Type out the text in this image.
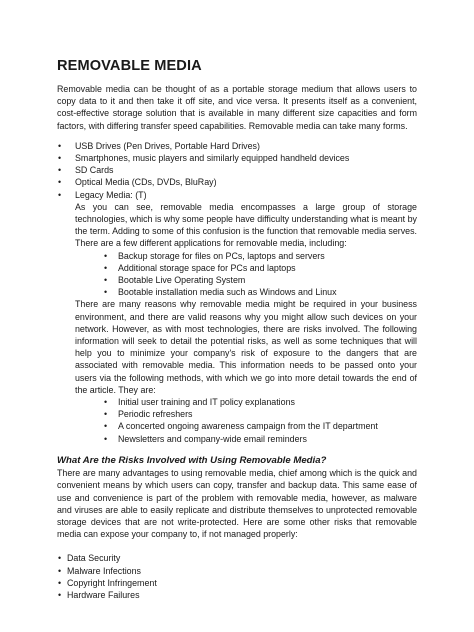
REMOVABLE MEDIA

Removable media can be thought of as a portable storage medium that allows users to copy data to it and then take it off site, and vice versa. It presents itself as a convenient, cost-effective storage solution that is available in many different size capacities and form factors, with differing transfer speed capabilities. Removable media can take many forms.

• USB Drives (Pen Drives, Portable Hard Drives)
• Smartphones, music players and similarly equipped handheld devices
• SD Cards
• Optical Media (CDs, DVDs, BluRay)
• Legacy Media: (T)

As you can see, removable media encompasses a large group of storage technologies, which is why some people have difficulty understanding what is meant by the term. Adding to some of this confusion is the function that removable media serves. There are a few different applications for removable media, including:

• Backup storage for files on PCs, laptops and servers
• Additional storage space for PCs and laptops
• Bootable Live Operating System
• Bootable installation media such as Windows and Linux

There are many reasons why removable media might be required in your business environment, and there are valid reasons why you might allow such devices on your network. However, as with most technologies, there are risks involved. The following information will seek to detail the potential risks, as well as some techniques that will help you to minimize your company's risk of exposure to the dangers that are associated with removable media. This information needs to be passed onto your users via the following methods, with which we go into more detail towards the end of the article. They are:

• Initial user training and IT policy explanations
• Periodic refreshers
• A concerted ongoing awareness campaign from the IT department
• Newsletters and company-wide email reminders
What Are the Risks Involved with Using Removable Media?

There are many advantages to using removable media, chief among which is the quick and convenient means by which users can copy, transfer and backup data. This same ease of use and convenience is part of the problem with removable media, however, as malware and viruses are able to easily replicate and distribute themselves to unprotected removable storage devices that are not write-protected. Here are some other risks that removable media can expose your company to, if not managed properly:

• Data Security
• Malware Infections
• Copyright Infringement
• Hardware Failures
